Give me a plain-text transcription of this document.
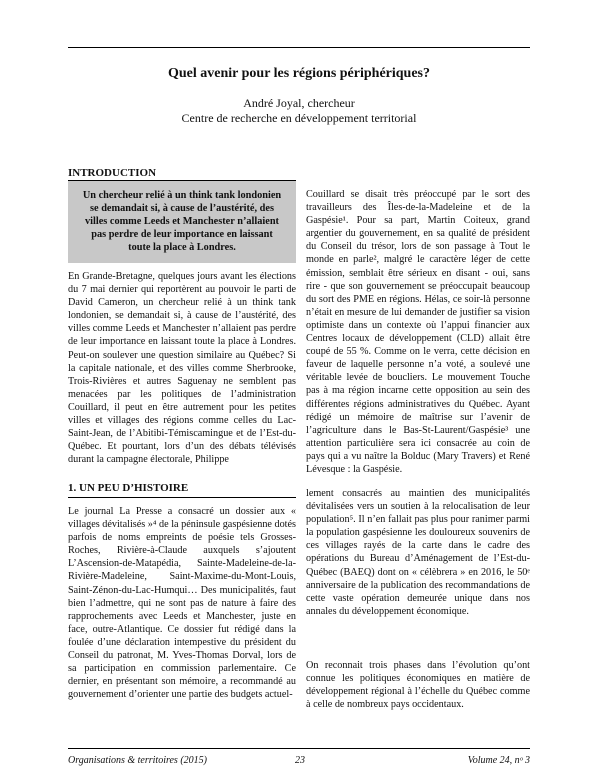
Quel avenir pour les régions périphériques?
André Joyal, chercheur
Centre de recherche en développement territorial
INTRODUCTION
Un chercheur relié à un think tank londonien se demandait si, à cause de l’austérité, des villes comme Leeds et Manchester n’allaient pas perdre de leur importance en laissant toute la place à Londres.

En Grande-Bretagne, quelques jours avant les élections du 7 mai dernier qui reportèrent au pouvoir le parti de David Cameron, un chercheur relié à un think tank londonien, se demandait si, à cause de l’austérité, des villes comme Leeds et Manchester n’allaient pas perdre de leur importance en laissant toute la place à Londres. Peut-on soulever une question similaire au Québec? Si la capitale nationale, et des villes comme Sherbrooke, Trois-Rivières et autres Saguenay ne semblent pas menacées par les politiques de l’administration Couillard, il peut en être autrement pour les petites villes et villages des régions comme celles du Lac-Saint-Jean, de l’Abitibi-Témiscamingue et de l’Est-du-Québec. Et pourtant, lors d’un des débats télévisés durant la campagne électorale, Philippe

Couillard se disait très préoccupé par le sort des travailleurs des Îles-de-la-Madeleine et de la Gaspésie¹. Pour sa part, Martin Coiteux, grand argentier du gouvernement, en sa qualité de président du Conseil du trésor, lors de son passage à Tout le monde en parle², malgré le caractère léger de cette émission, semblait être sérieux en disant - oui, sans rire - que son gouvernement se préoccupait beaucoup du sort des PME en régions. Hélas, ce soir-là personne n’était en mesure de lui demander de justifier sa vision optimiste dans un contexte où l’appui financier aux Centres locaux de développement (CLD) allait être coupé de 55 %. Comme on le verra, cette décision en faveur de laquelle personne n’a voté, a soulevé une véritable levée de boucliers. Le mouvement Touche pas à ma région incarne cette opposition au sein des différentes régions administratives du Québec. Ayant rédigé un mémoire de maîtrise sur l’avenir de l’agriculture dans le Bas-St-Laurent/Gaspésie³ une attention particulière sera ici consacrée au coin de pays qui a vu naître la Bolduc (Mary Travers) et René Lévesque : la Gaspésie.

1. UN PEU D’HISTOIRE

Le journal La Presse a consacré un dossier aux « villages dévitalisés »⁴ de la péninsule gaspésienne dotés parfois de noms empreints de poésie tels Grosses-Roches, Rivière-à-Claude auxquels s’ajoutent L’Ascension-de-Matapédia, Sainte-Madeleine-de-la-Rivière-Madeleine, Saint-Maxime-du-Mont-Louis, Saint-Zénon-du-Lac-Humqui… Des municipalités, faut bien l’admettre, qui ne sont pas de nature à faire des rapprochements avec Leeds et Manchester, juste en face, outre-Atlantique. Ce dossier fut rédigé dans la foulée d’une déclaration intempestive du président du Conseil du patronat, M. Yves-Thomas Dorval, lors de sa participation en commission parlementaire. Ce dernier, en présentant son mémoire, a recommandé au gouvernement d’orienter une partie des budgets actuel-

lement consacrés au maintien des municipalités dévitalisées vers un soutien à la relocalisation de leur population⁵. Il n’en fallait pas plus pour ranimer parmi la population gaspésienne les douloureux souvenirs de ces villages rayés de la carte dans le cadre des opérations du Bureau d’Aménagement de l’Est-du-Québec (BAEQ) dont on « célèbrera » en 2016, le 50ᵉ anniversaire de la publication des recommandations de cette vaste opération demeurée unique dans nos annales du développement économique.

On reconnait trois phases dans l’évolution qu’ont connue les politiques économiques en matière de développement régional à l’échelle du Québec comme à celle de nombreux pays occidentaux.

Organisations & territoires (2015)	23	Volume 24, nᵒ 3
